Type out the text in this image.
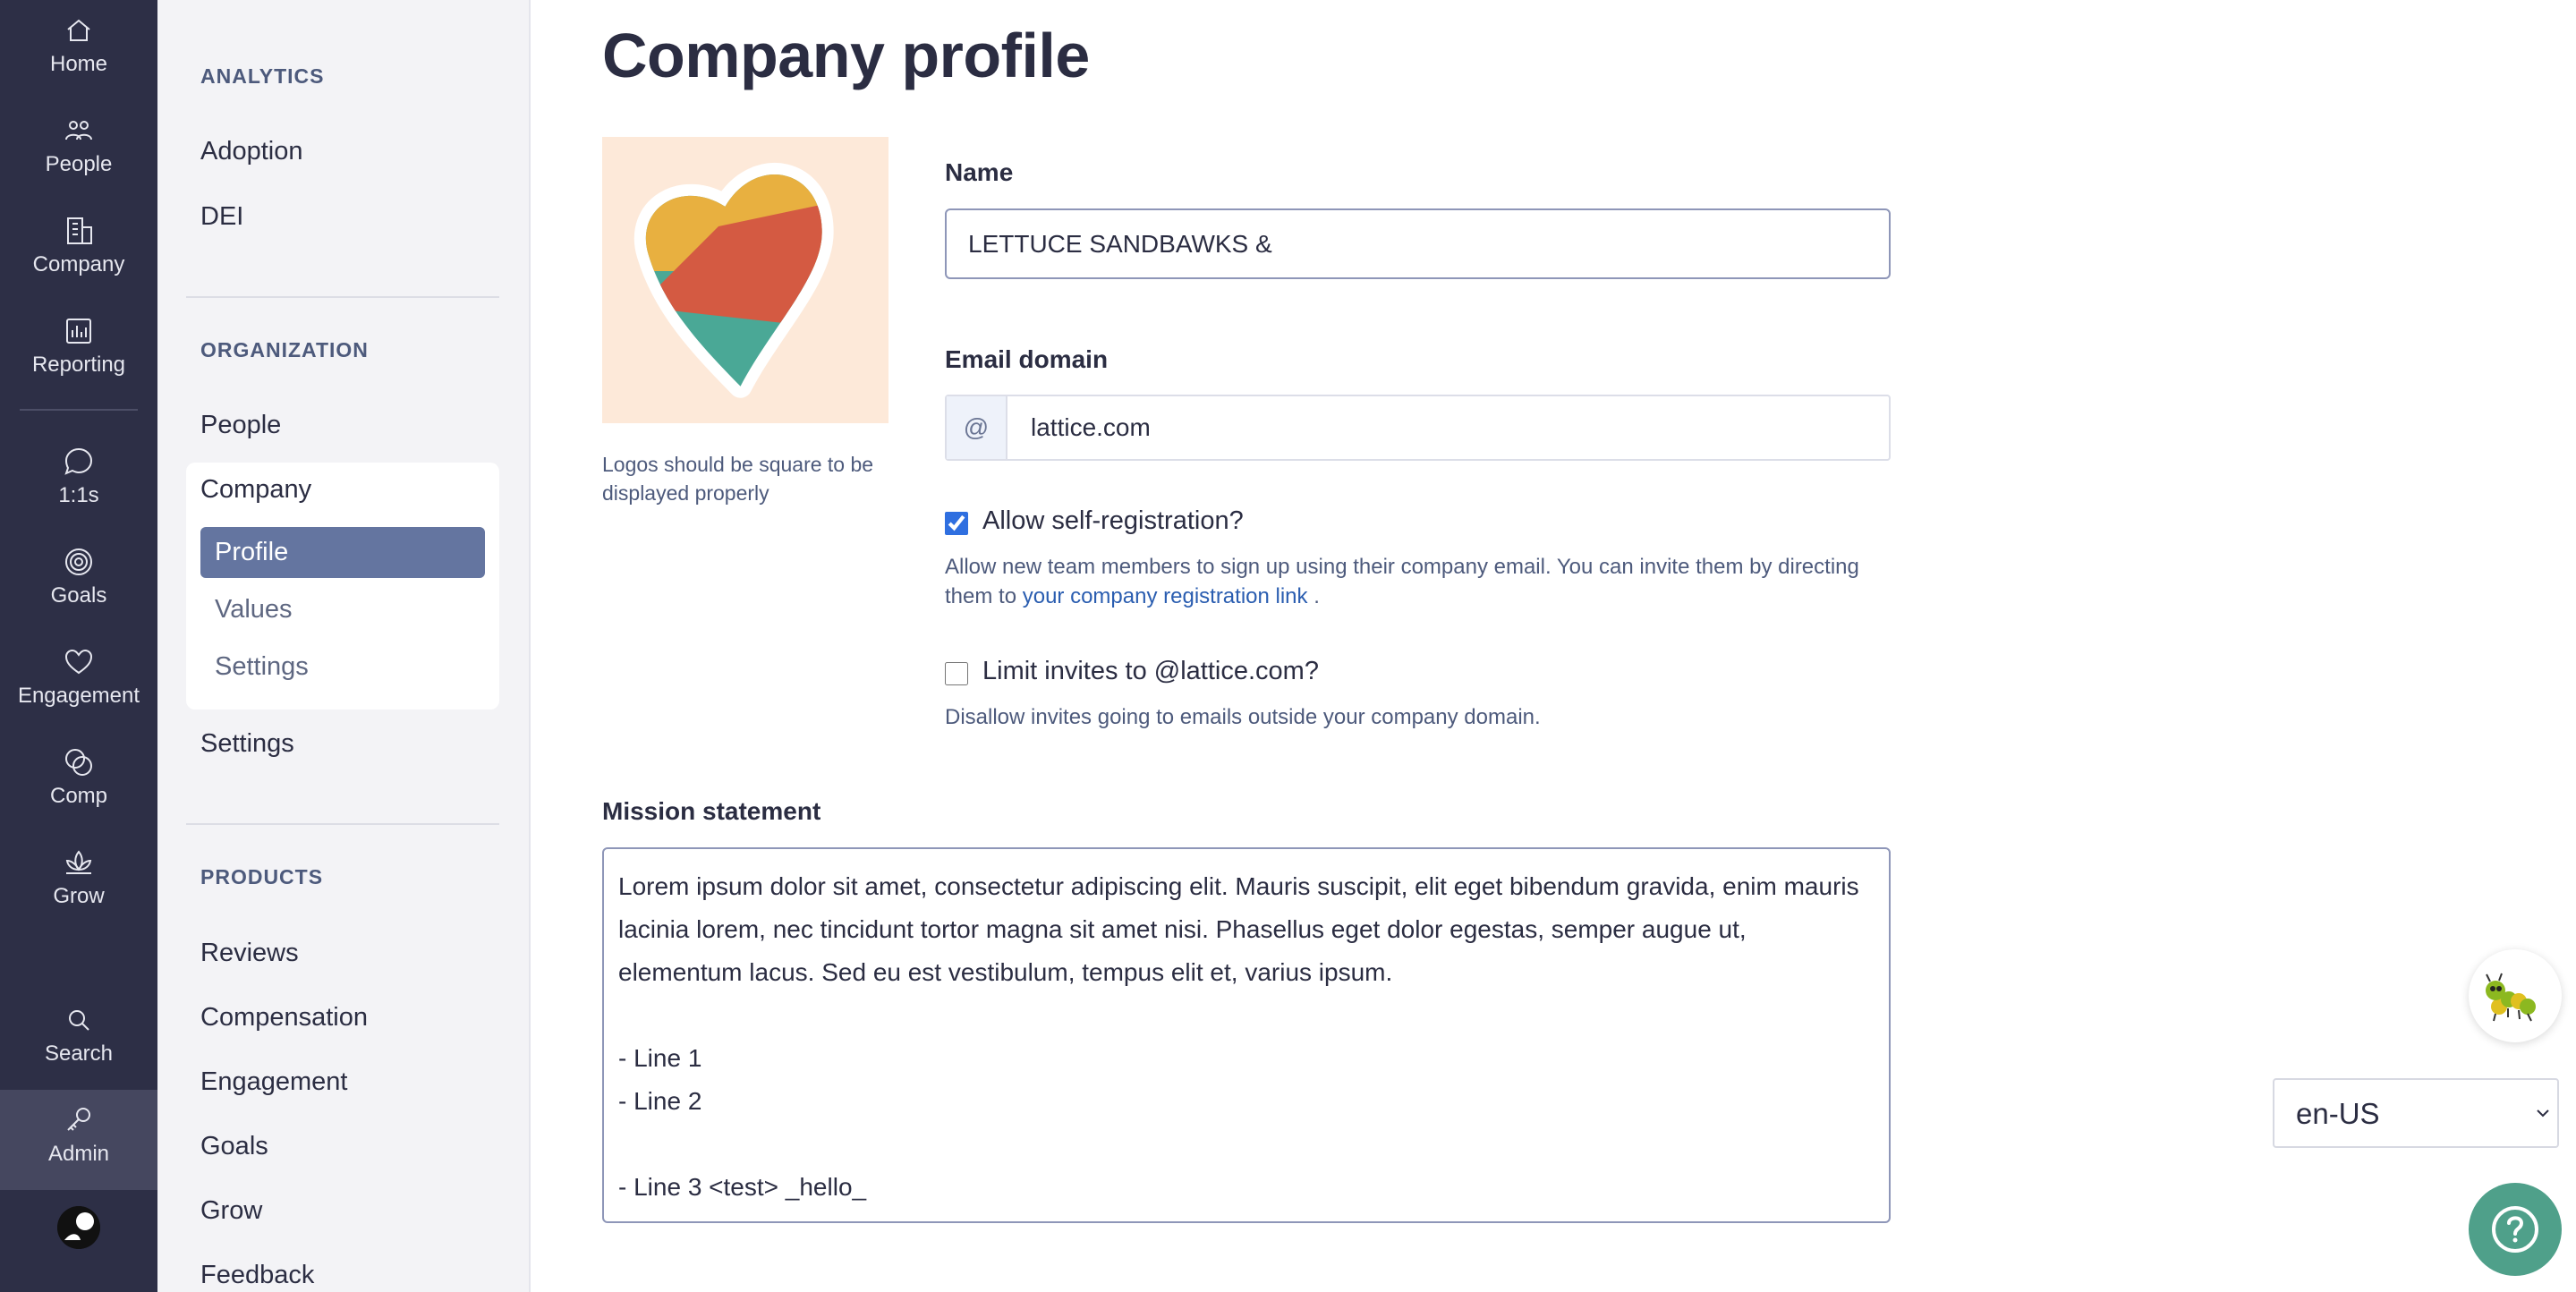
Home
People
Company
Reporting
1:1s
Goals
Engagement
Comp
Grow
Search
Admin
ANALYTICS
Adoption
DEI
ORGANIZATION
People
Company
Profile
Values
Settings
Settings
PRODUCTS
Reviews
Compensation
Engagement
Goals
Grow
Feedback
Company profile
Logos should be square to be displayed properly
Name
LETTUCE SANDBAWKS &
Email domain
@
lattice.com
Allow self-registration?

Allow new team members to sign up using their company email. You can invite them by directing them to your company registration link .

Limit invites to @lattice.com?

Disallow invites going to emails outside your company domain.

Mission statement
Lorem ipsum dolor sit amet, consectetur adipiscing elit. Mauris suscipit, elit eget bibendum gravida, enim mauris lacinia lorem, nec tincidunt tortor magna sit amet nisi. Phasellus eget dolor egestas, semper augue ut, elementum lacus. Sed eu est vestibulum, tempus elit et, varius ipsum. - Line 1 - Line 2 - Line 3 <test> _hello_
en-US
